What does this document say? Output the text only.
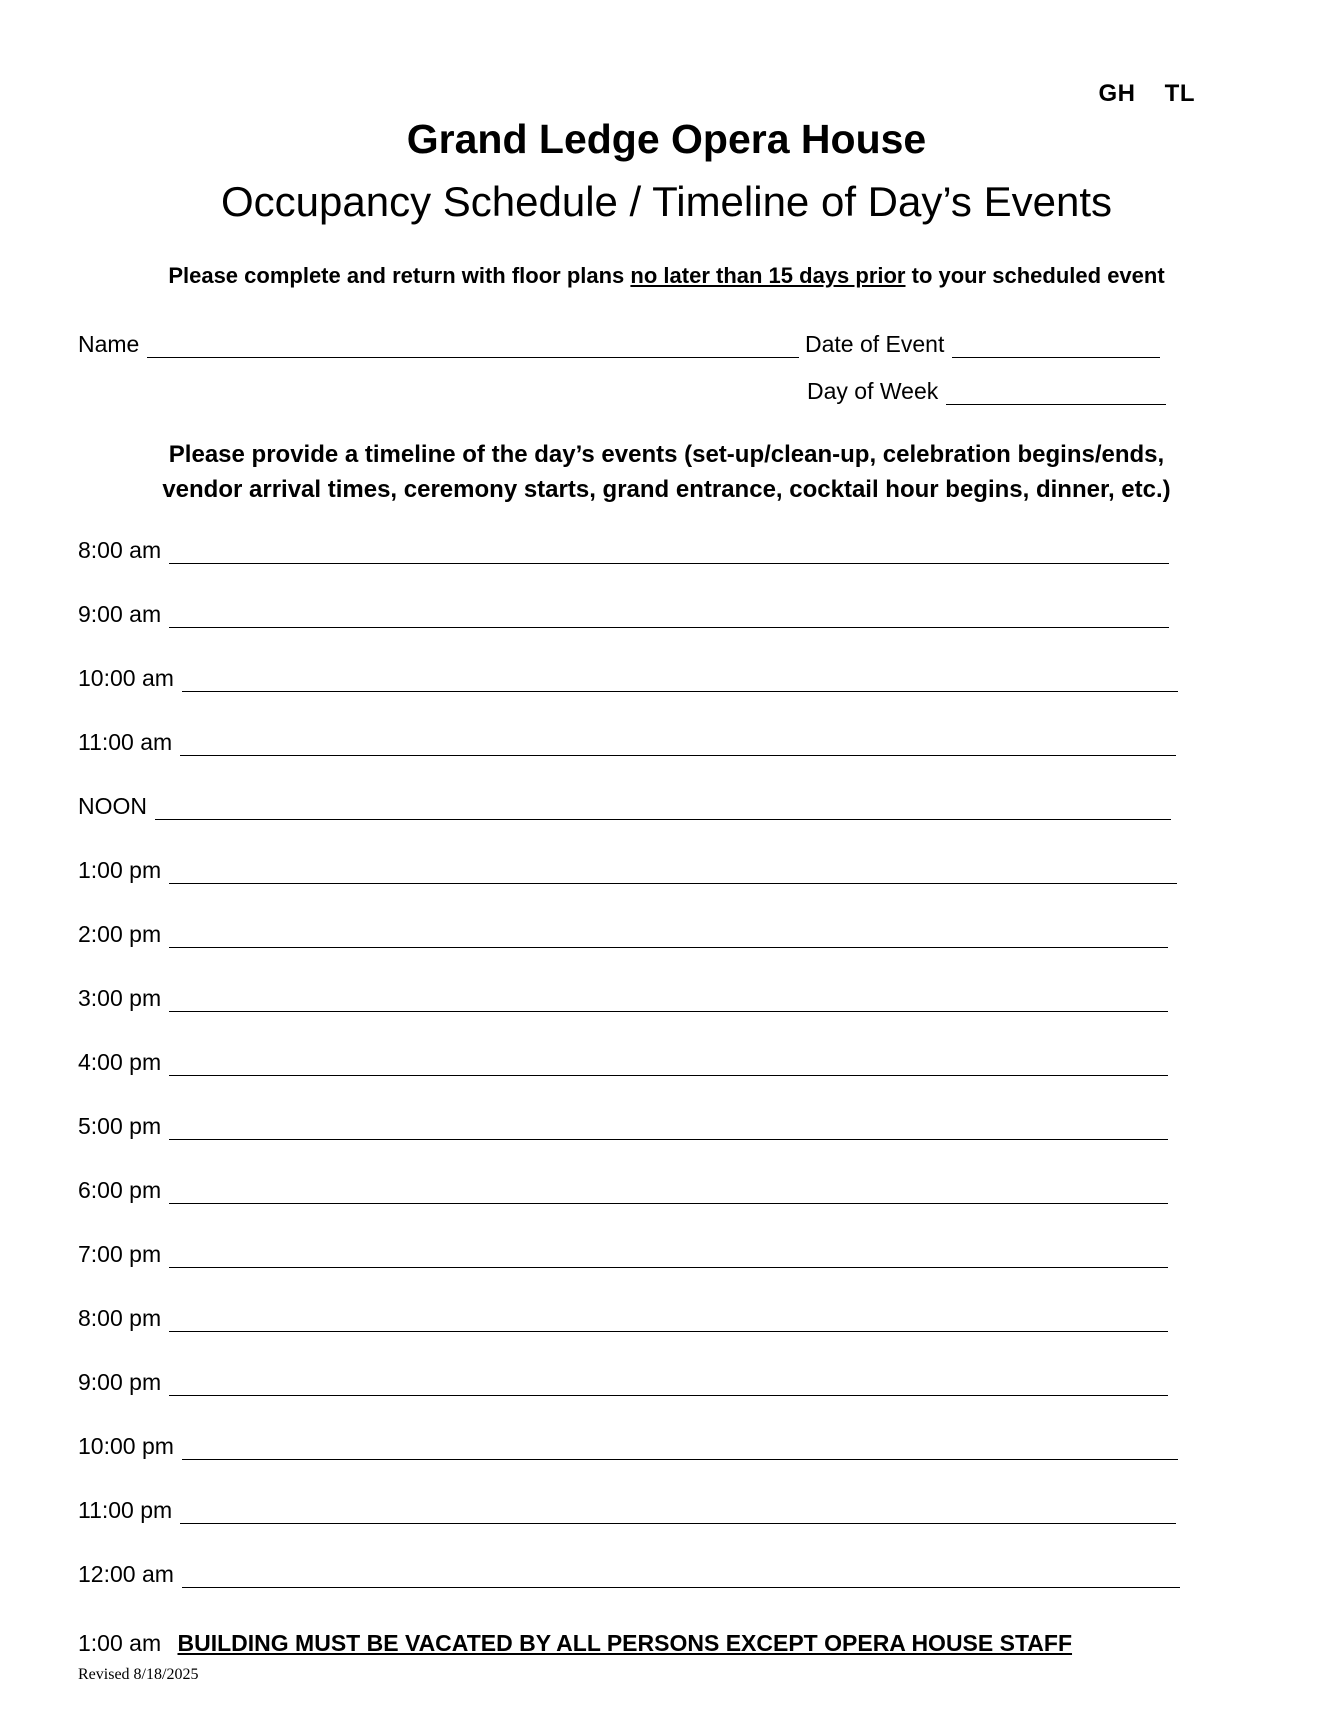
GH TL
Grand Ledge Opera House
Occupancy Schedule / Timeline of Day’s Events
Please complete and return with floor plans no later than 15 days prior to your scheduled event
Name	Date of Event
Day of Week
Please provide a timeline of the day’s events (set-up/clean-up, celebration begins/ends,
vendor arrival times, ceremony starts, grand entrance, cocktail hour begins, dinner, etc.)
8:00 am
9:00 am
10:00 am
11:00 am
NOON
1:00 pm
2:00 pm
3:00 pm
4:00 pm
5:00 pm
6:00 pm
7:00 pm
8:00 pm
9:00 pm
10:00 pm
11:00 pm
12:00 am
1:00 am BUILDING MUST BE VACATED BY ALL PERSONS EXCEPT OPERA HOUSE STAFF
Revised 8/18/2025
